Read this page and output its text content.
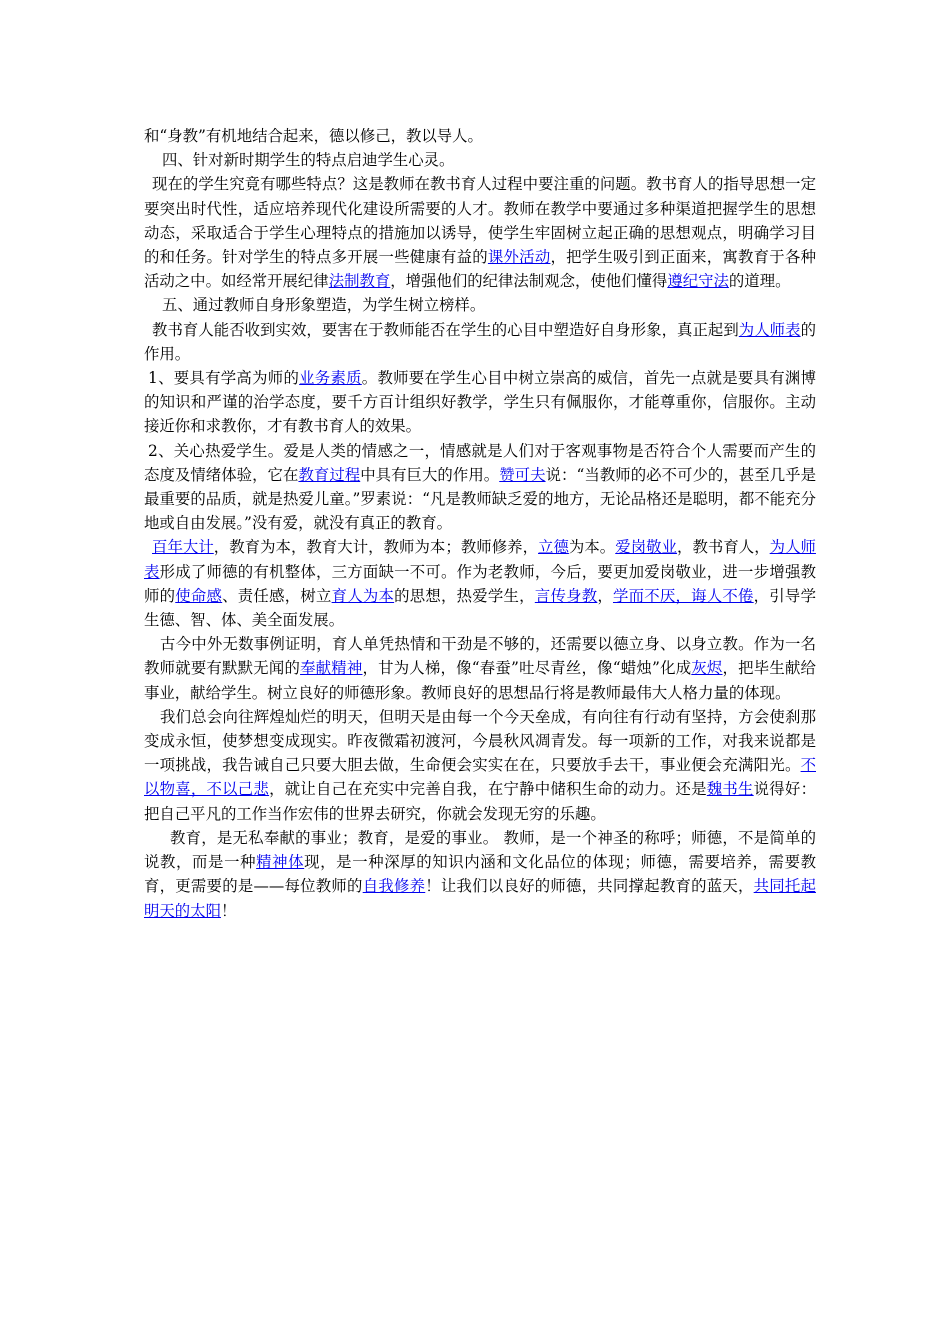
和“身教”有机地结合起来，德以修己，教以导人。

四、针对新时期学生的特点启迪学生心灵。

现在的学生究竟有哪些特点？这是教师在教书育人过程中要注重的问题。教书育人的指导思想一定要突出时代性，适应培养现代化建设所需要的人才。教师在教学中要通过多种渠道把握学生的思想动态，采取适合于学生心理特点的措施加以诱导，使学生牢固树立起正确的思想观点，明确学习目的和任务。针对学生的特点多开展一些健康有益的课外活动，把学生吸引到正面来，寓教育于各种活动之中。如经常开展纪律法制教育，增强他们的纪律法制观念，使他们懂得遵纪守法的道理。

五、通过教师自身形象塑造，为学生树立榜样。

教书育人能否收到实效，要害在于教师能否在学生的心目中塑造好自身形象，真正起到为人师表的作用。

1、要具有学高为师的业务素质。教师要在学生心目中树立崇高的威信，首先一点就是要具有渊博的知识和严谨的治学态度，要千方百计组织好教学，学生只有佩服你，才能尊重你，信服你。主动接近你和求教你，才有教书育人的效果。

2、关心热爱学生。爱是人类的情感之一，情感就是人们对于客观事物是否符合个人需要而产生的态度及情绪体验，它在教育过程中具有巨大的作用。赞可夫说：“当教师的必不可少的，甚至几乎是最重要的品质，就是热爱儿童。”罗素说：“凡是教师缺乏爱的地方，无论品格还是聪明，都不能充分地或自由发展。”没有爱，就没有真正的教育。

百年大计，教育为本，教育大计，教师为本；教师修养，立德为本。爱岗敬业，教书育人，为人师表形成了师德的有机整体，三方面缺一不可。作为老教师，今后，要更加爱岗敬业，进一步增强教师的使命感、责任感，树立育人为本的思想，热爱学生，言传身教，学而不厌，诲人不倦，引导学生德、智、体、美全面发展。

古今中外无数事例证明，育人单凭热情和干劲是不够的，还需要以德立身、以身立教。作为一名教师就要有默默无闻的奉献精神，甘为人梯，像“春蚕”吐尽青丝，像“蜡烛”化成灰烬，把毕生献给事业，献给学生。树立良好的师德形象。教师良好的思想品行将是教师最伟大人格力量的体现。

我们总会向往辉煌灿烂的明天，但明天是由每一个今天垒成，有向往有行动有坚持，方会使刹那变成永恒，使梦想变成现实。昨夜微霜初渡河，今晨秋风凋青发。每一项新的工作，对我来说都是一项挑战，我告诫自己只要大胆去做，生命便会实实在在，只要放手去干，事业便会充满阳光。不以物喜，不以己悲，就让自己在充实中完善自我，在宁静中储积生命的动力。还是魏书生说得好：把自己平凡的工作当作宏伟的世界去研究，你就会发现无穷的乐趣。

教育，是无私奉献的事业；教育，是爱的事业。 教师，是一个神圣的称呼；师德，不是简单的说教，而是一种精神体现，是一种深厚的知识内涵和文化品位的体现；师德，需要培养，需要教育，更需要的是——每位教师的自我修养！让我们以良好的师德，共同撑起教育的蓝天，共同托起明天的太阳！
